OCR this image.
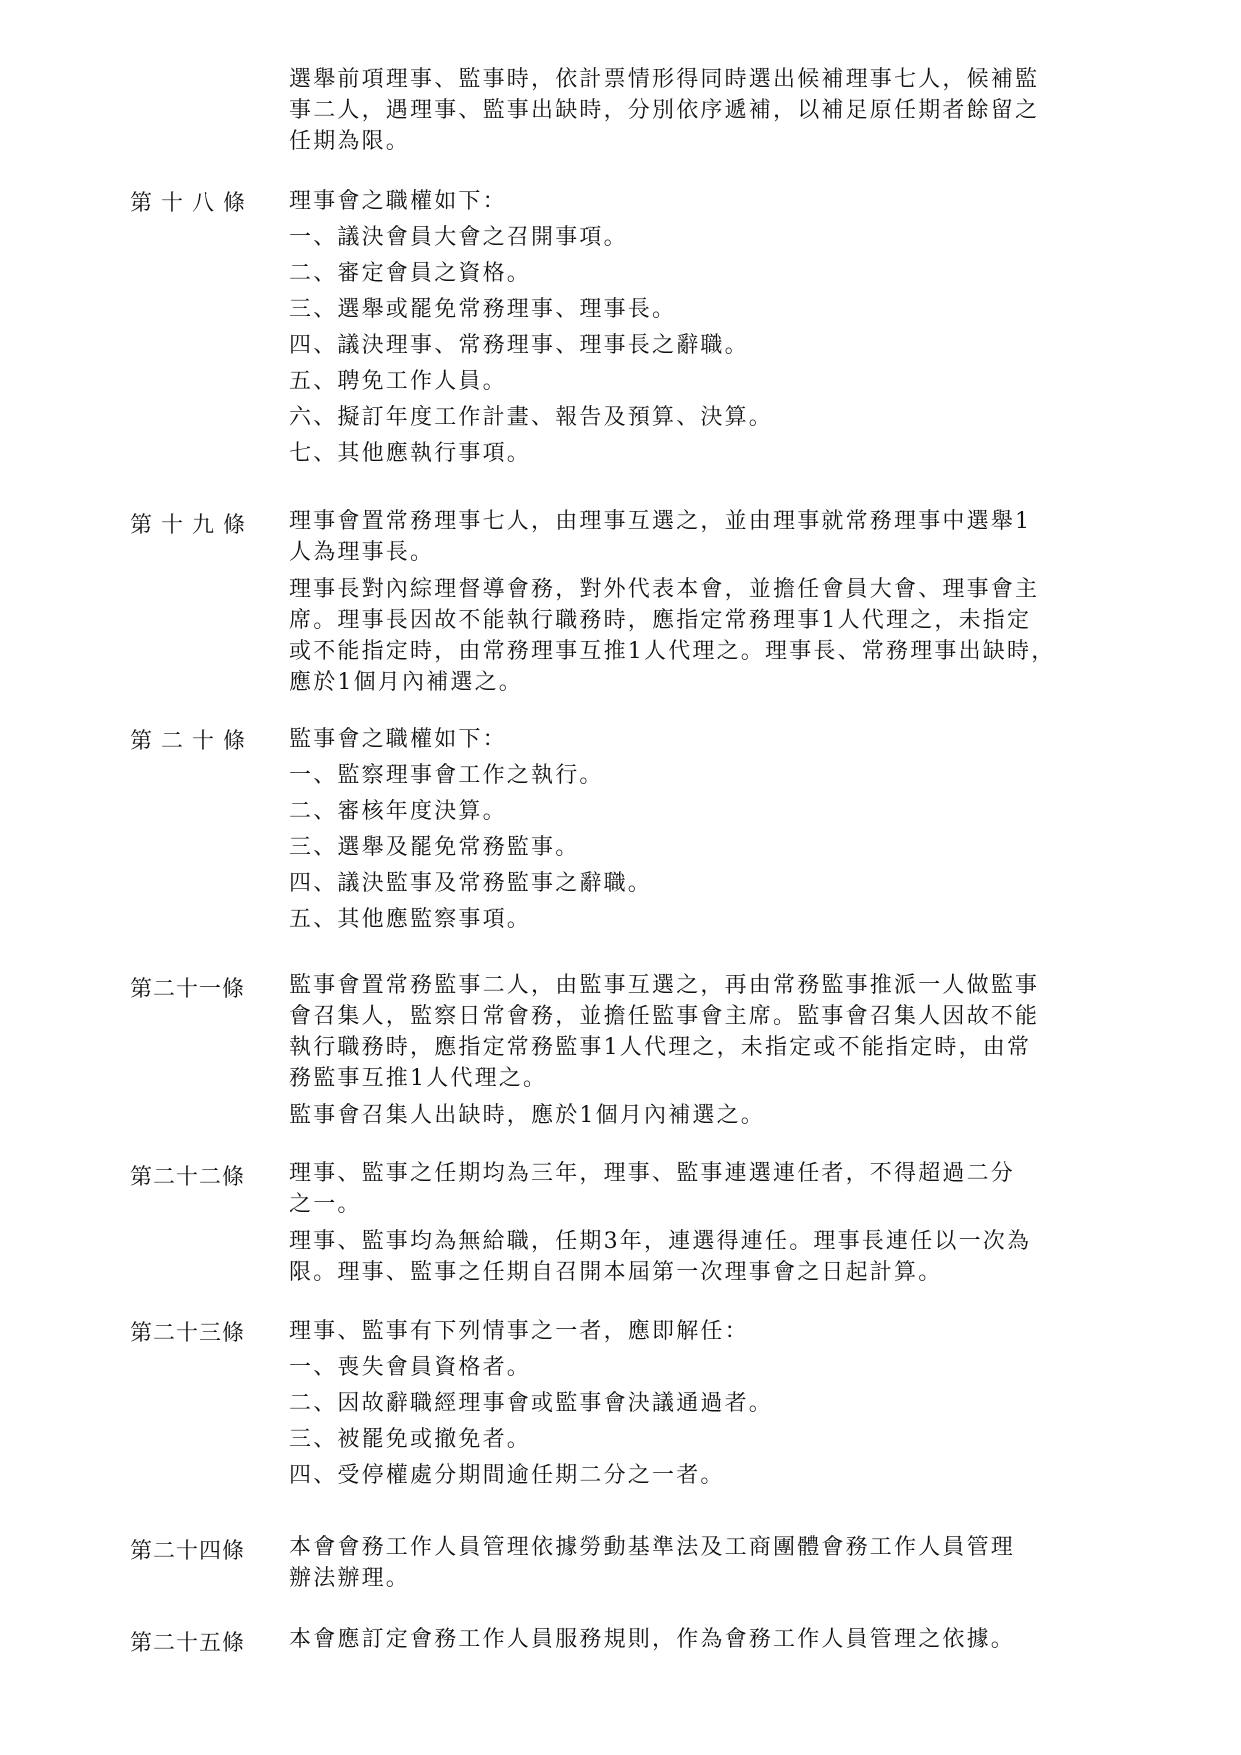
選舉前項理事、監事時，依計票情形得同時選出候補理事七人，候補監

事二人，遇理事、監事出缺時，分別依序遞補，以補足原任期者餘留之

任期為限。

第 十 八 條 理事會之職權如下：
一、議決會員大會之召開事項。
二、審定會員之資格。
三、選舉或罷免常務理事、理事長。
四、議決理事、常務理事、理事長之辭職。
五、聘免工作人員。
六、擬訂年度工作計畫、報告及預算、決算。
七、其他應執行事項。
第 十 九 條 理事會置常務理事七人，由理事互選之，並由理事就常務理事中選舉1

人為理事長。

理事長對內綜理督導會務，對外代表本會，並擔任會員大會、理事會主

席。理事長因故不能執行職務時，應指定常務理事1人代理之，未指定

或不能指定時，由常務理事互推1人代理之。理事長、常務理事出缺時，

應於1個月內補選之。

第 二 十 條 監事會之職權如下：
一、監察理事會工作之執行。
二、審核年度決算。
三、選舉及罷免常務監事。
四、議決監事及常務監事之辭職。
五、其他應監察事項。
第二十一條 監事會置常務監事二人，由監事互選之，再由常務監事推派一人做監事

會召集人，監察日常會務，並擔任監事會主席。監事會召集人因故不能

執行職務時，應指定常務監事1人代理之，未指定或不能指定時，由常

務監事互推1人代理之。

監事會召集人出缺時，應於1個月內補選之。

第二十二條 理事、監事之任期均為三年，理事、監事連選連任者，不得超過二分

之一。

理事、監事均為無給職，任期3年，連選得連任。理事長連任以一次為

限。理事、監事之任期自召開本屆第一次理事會之日起計算。

第二十三條 理事、監事有下列情事之一者，應即解任：
一、喪失會員資格者。
二、因故辭職經理事會或監事會決議通過者。
三、被罷免或撤免者。
四、受停權處分期間逾任期二分之一者。
第二十四條 本會會務工作人員管理依據勞動基準法及工商團體會務工作人員管理

辦法辦理。

第二十五條 本會應訂定會務工作人員服務規則，作為會務工作人員管理之依據。
